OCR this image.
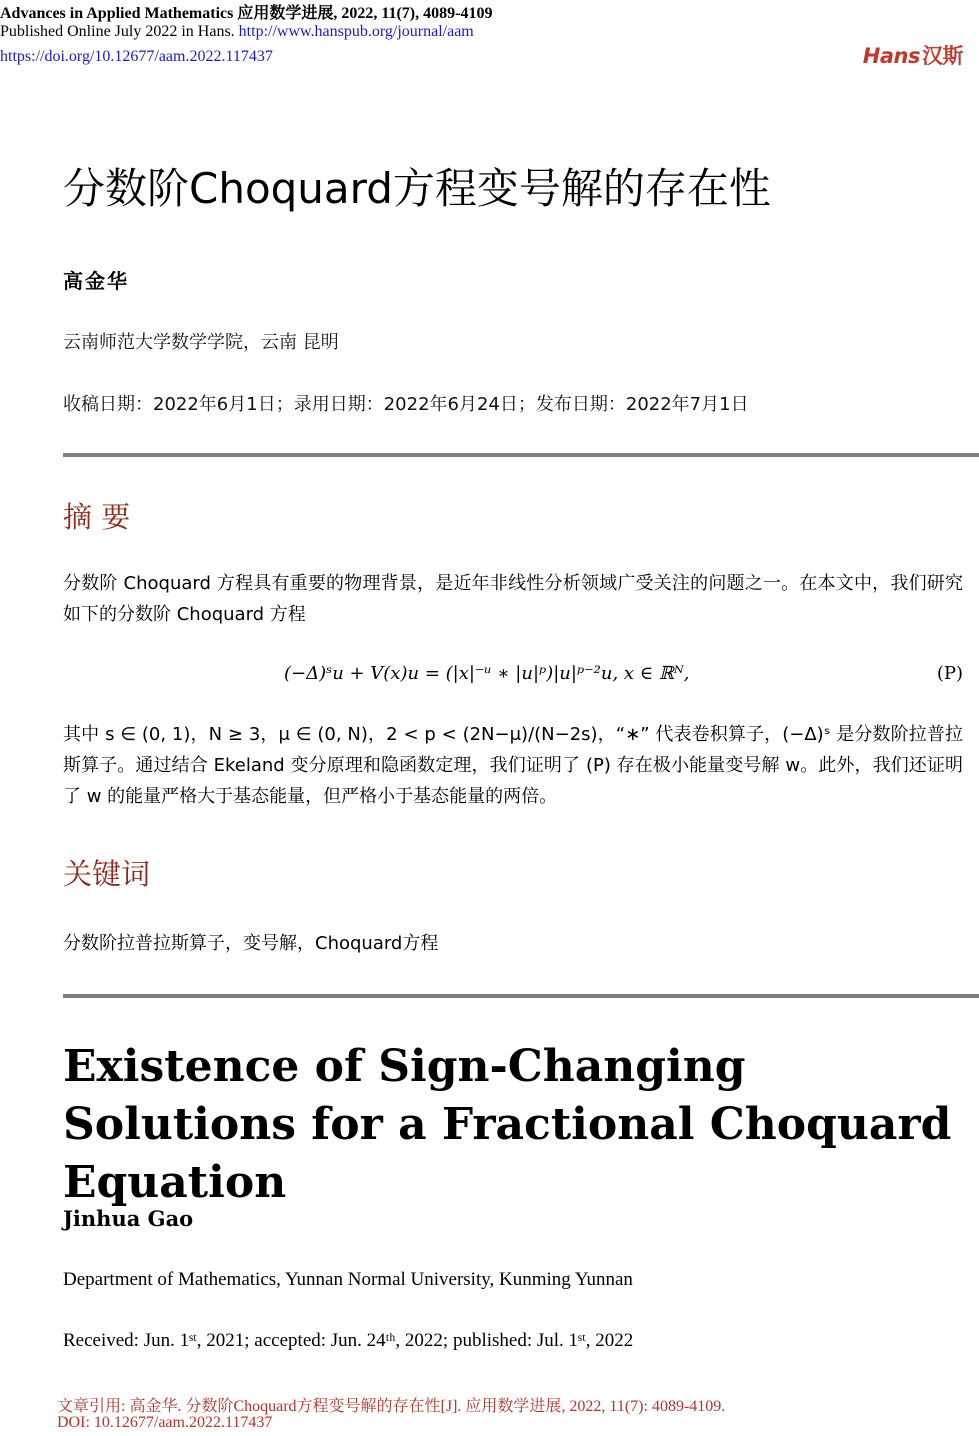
Advances in Applied Mathematics 应用数学进展, 2022, 11(7), 4089-4109
Published Online July 2022 in Hans. http://www.hanspub.org/journal/aam
https://doi.org/10.12677/aam.2022.117437	Hans汉斯
分数阶Choquard方程变号解的存在性
高金华
云南师范大学数学学院，云南 昆明
收稿日期：2022年6月1日；录用日期：2022年6月24日；发布日期：2022年7月1日
摘 要
分数阶 Choquard 方程具有重要的物理背景，是近年非线性分析领域广受关注的问题之一。在本文中，我们研究如下的分数阶 Choquard 方程
(−Δ)ˢu + V(x)u = (|x|⁻ᵘ ∗ |u|ᵖ)|u|ᵖ⁻²u, x ∈ ℝᴺ,	(P)
其中 s ∈ (0, 1)，N ≥ 3，μ ∈ (0, N)，2 < p < (2N−μ)/(N−2s)，“∗” 代表卷积算子，(−Δ)ˢ 是分数阶拉普拉斯算子。通过结合 Ekeland 变分原理和隐函数定理，我们证明了 (P) 存在极小能量变号解 w。此外，我们还证明了 w 的能量严格大于基态能量，但严格小于基态能量的两倍。
关键词
分数阶拉普拉斯算子，变号解，Choquard方程
Existence of Sign-Changing Solutions for a Fractional Choquard Equation
Jinhua Gao
Department of Mathematics, Yunnan Normal University, Kunming Yunnan
Received: Jun. 1ˢᵗ, 2021; accepted: Jun. 24ᵗʰ, 2022; published: Jul. 1ˢᵗ, 2022
文章引用: 高金华. 分数阶Choquard方程变号解的存在性[J]. 应用数学进展, 2022, 11(7): 4089-4109.
DOI: 10.12677/aam.2022.117437
